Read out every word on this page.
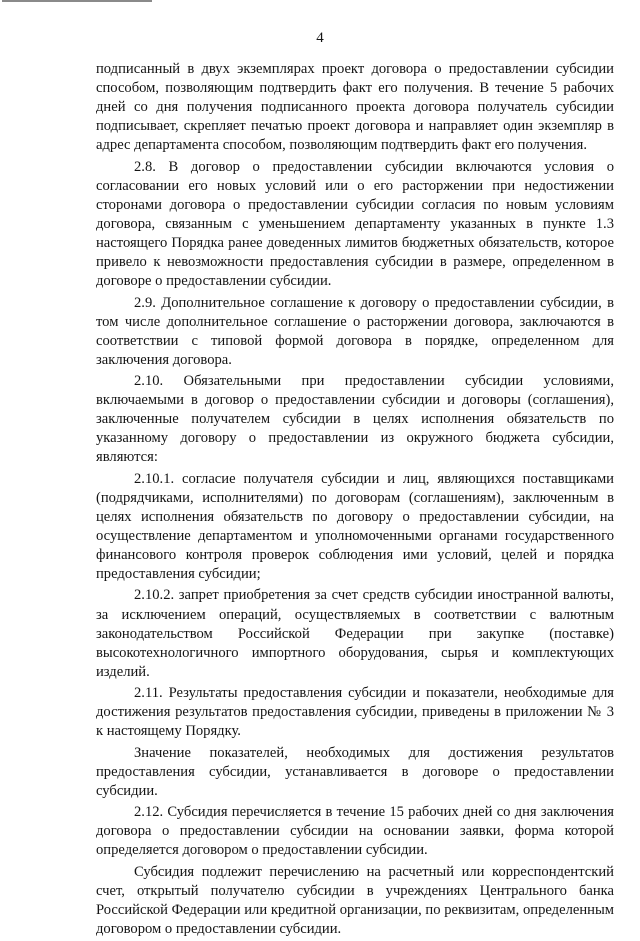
4

подписанный в двух экземплярах проект договора о предоставлении субсидии способом, позволяющим подтвердить факт его получения. В течение 5 рабочих дней со дня получения подписанного проекта договора получатель субсидии подписывает, скрепляет печатью проект договора и направляет один экземпляр в адрес департамента способом, позволяющим подтвердить факт его получения.

2.8. В договор о предоставлении субсидии включаются условия о согласовании его новых условий или о его расторжении при недостижении сторонами договора о предоставлении субсидии согласия по новым условиям договора, связанным с уменьшением департаменту указанных в пункте 1.3 настоящего Порядка ранее доведенных лимитов бюджетных обязательств, которое привело к невозможности предоставления субсидии в размере, определенном в договоре о предоставлении субсидии.

2.9. Дополнительное соглашение к договору о предоставлении субсидии, в том числе дополнительное соглашение о расторжении договора, заключаются в соответствии с типовой формой договора в порядке, определенном для заключения договора.

2.10. Обязательными при предоставлении субсидии условиями, включаемыми в договор о предоставлении субсидии и договоры (соглашения), заключенные получателем субсидии в целях исполнения обязательств по указанному договору о предоставлении из окружного бюджета субсидии, являются:

2.10.1. согласие получателя субсидии и лиц, являющихся поставщиками (подрядчиками, исполнителями) по договорам (соглашениям), заключенным в целях исполнения обязательств по договору о предоставлении субсидии, на осуществление департаментом и уполномоченными органами государственного финансового контроля проверок соблюдения ими условий, целей и порядка предоставления субсидии;

2.10.2. запрет приобретения за счет средств субсидии иностранной валюты, за исключением операций, осуществляемых в соответствии с валютным законодательством Российской Федерации при закупке (поставке) высокотехнологичного импортного оборудования, сырья и комплектующих изделий.

2.11. Результаты предоставления субсидии и показатели, необходимые для достижения результатов предоставления субсидии, приведены в приложении № 3 к настоящему Порядку.

Значение показателей, необходимых для достижения результатов предоставления субсидии, устанавливается в договоре о предоставлении субсидии.

2.12. Субсидия перечисляется в течение 15 рабочих дней со дня заключения договора о предоставлении субсидии на основании заявки, форма которой определяется договором о предоставлении субсидии.

Субсидия подлежит перечислению на расчетный или корреспондентский счет, открытый получателю субсидии в учреждениях Центрального банка Российской Федерации или кредитной организации, по реквизитам, определенным договором о предоставлении субсидии.
